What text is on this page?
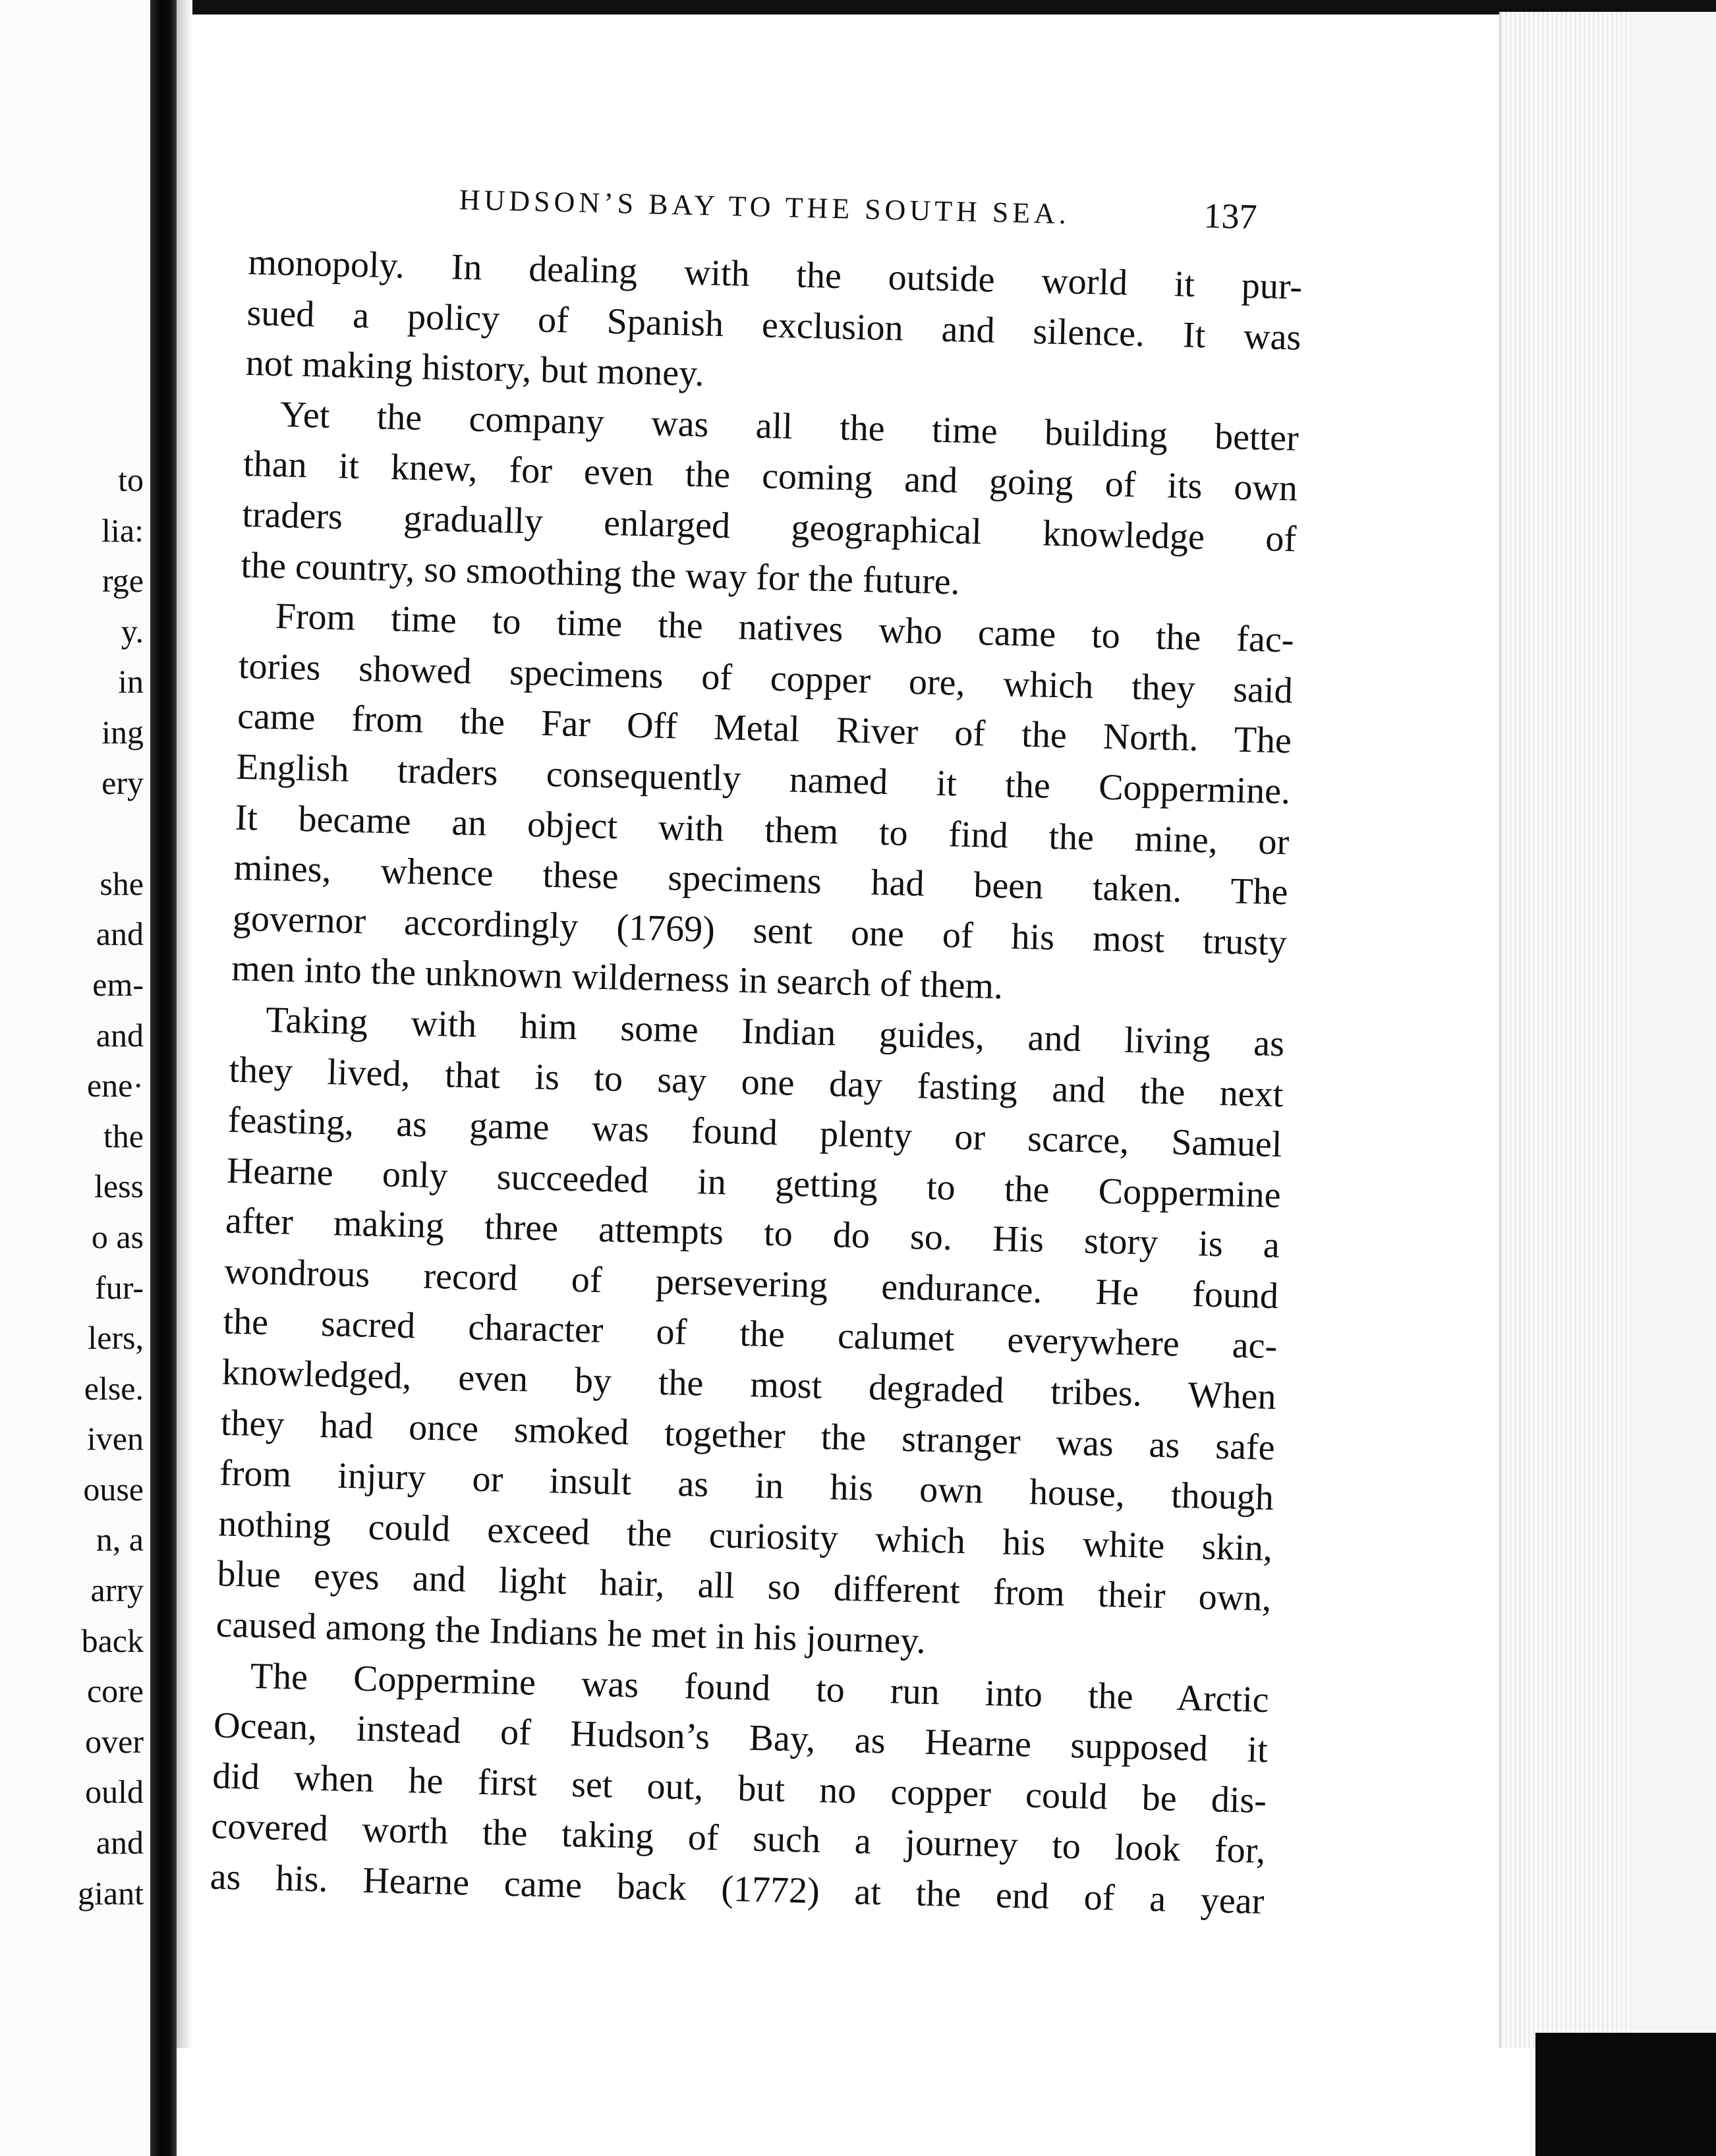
to
lia:
rge
y.
in
ing
ery
she
and
em-
and
ene·
the
less
o as
fur-
lers,
else.
iven
ouse
n, a
arry
back
core
over
ould
and
giant
HUDSON’S BAY TO THE SOUTH SEA.	137
monopoly. In dealing with the outside world it pur-
sued a policy of Spanish exclusion and silence. It was
not making history, but money.
Yet the company was all the time building better
than it knew, for even the coming and going of its own
traders gradually enlarged geographical knowledge of
the country, so smoothing the way for the future.
From time to time the natives who came to the fac-
tories showed specimens of copper ore, which they said
came from the Far Off Metal River of the North. The
English traders consequently named it the Coppermine.
It became an object with them to find the mine, or
mines, whence these specimens had been taken. The
governor accordingly (1769) sent one of his most trusty
men into the unknown wilderness in search of them.
Taking with him some Indian guides, and living as
they lived, that is to say one day fasting and the next
feasting, as game was found plenty or scarce, Samuel
Hearne only succeeded in getting to the Coppermine
after making three attempts to do so. His story is a
wondrous record of persevering endurance. He found
the sacred character of the calumet everywhere ac-
knowledged, even by the most degraded tribes. When
they had once smoked together the stranger was as safe
from injury or insult as in his own house, though
nothing could exceed the curiosity which his white skin,
blue eyes and light hair, all so different from their own,
caused among the Indians he met in his journey.
The Coppermine was found to run into the Arctic
Ocean, instead of Hudson’s Bay, as Hearne supposed it
did when he first set out, but no copper could be dis-
covered worth the taking of such a journey to look for,
as his. Hearne came back (1772) at the end of a year
